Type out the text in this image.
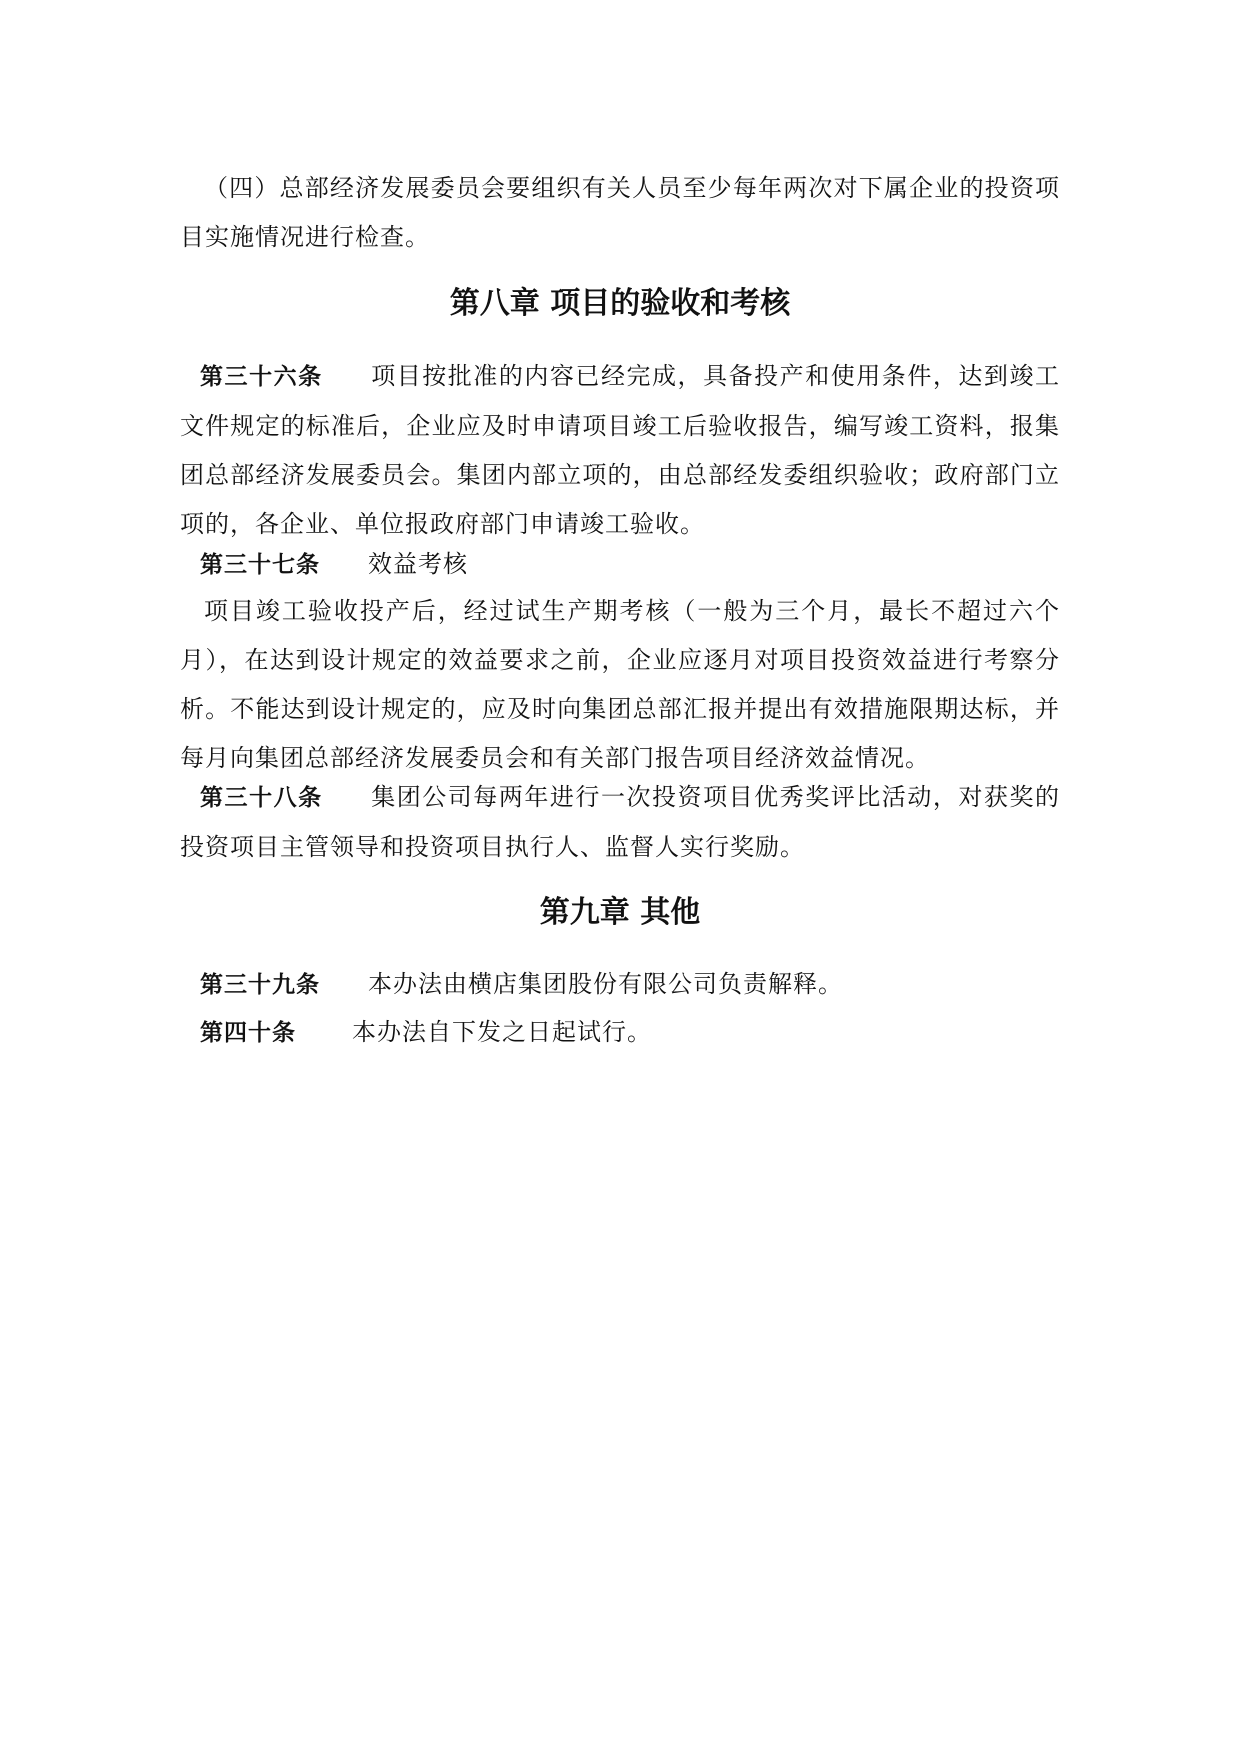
（四）总部经济发展委员会要组织有关人员至少每年两次对下属企业的投资项目实施情况进行检查。

第八章 项目的验收和考核

第三十六条 项目按批准的内容已经完成，具备投产和使用条件，达到竣工文件规定的标准后，企业应及时申请项目竣工后验收报告，编写竣工资料，报集团总部经济发展委员会。集团内部立项的，由总部经发委组织验收；政府部门立项的，各企业、单位报政府部门申请竣工验收。

第三十七条 效益考核

项目竣工验收投产后，经过试生产期考核（一般为三个月，最长不超过六个月），在达到设计规定的效益要求之前，企业应逐月对项目投资效益进行考察分析。不能达到设计规定的，应及时向集团总部汇报并提出有效措施限期达标，并每月向集团总部经济发展委员会和有关部门报告项目经济效益情况。

第三十八条 集团公司每两年进行一次投资项目优秀奖评比活动，对获奖的投资项目主管领导和投资项目执行人、监督人实行奖励。

第九章 其他

第三十九条 本办法由横店集团股份有限公司负责解释。

第四十条 本办法自下发之日起试行。
